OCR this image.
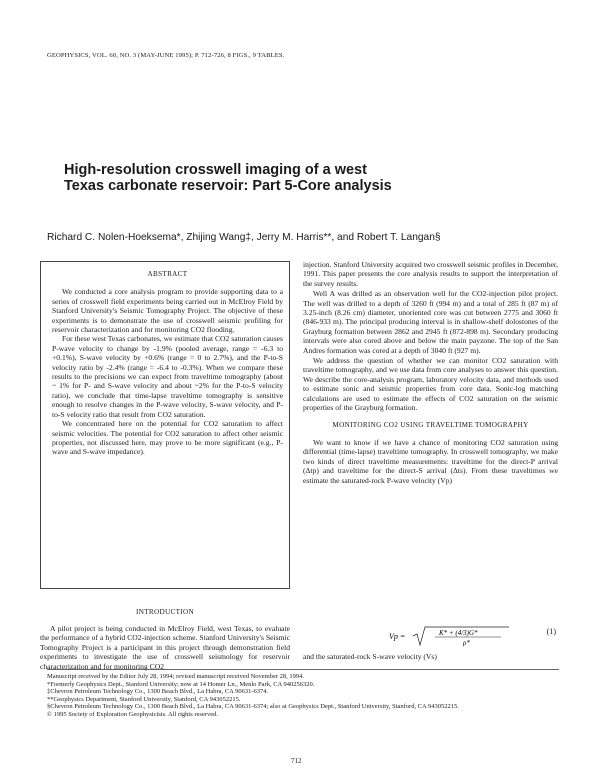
GEOPHYSICS, VOL. 60, NO. 3 (MAY-JUNE 1995); P. 712-726, 8 FIGS., 9 TABLES.
High-resolution crosswell imaging of a west
Texas carbonate reservoir: Part 5-Core analysis
Richard C. Nolen-Hoeksema*, Zhijing Wang‡, Jerry M. Harris**, and Robert T. Langan§
ABSTRACT

We conducted a core analysis program to provide supporting data to a series of crosswell field experiments being carried out in McElroy Field by Stanford University's Seismic Tomography Project. The objective of these experiments is to demonstrate the use of crosswell seismic profiling for reservoir characterization and for monitoring CO2 flooding.

For these west Texas carbonates, we estimate that CO2 saturation causes P-wave velocity to change by -1.9% (pooled average, range = -6.3 to +0.1%), S-wave velocity by +0.6% (range = 0 to 2.7%), and the P-to-S velocity ratio by -2.4% (range = -6.4 to -0.3%). When we compare these results to the precisions we can expect from traveltime tomography (about ~ 1% for P- and S-wave velocity and about ~2% for the P-to-S velocity ratio), we conclude that time-lapse traveltime tomography is sensitive enough to resolve changes in the P-wave velocity, S-wave velocity, and P-to-S velocity ratio that result from CO2 saturation.

We concentrated here on the potential for CO2 saturation to affect seismic velocities. The potential for CO2 saturation to affect other seismic properties, not discussed here, may prove to be more significant (e.g., P-wave and S-wave impedance).

INTRODUCTION

A pilot project is being conducted in McElroy Field, west Texas, to evaluate the performance of a hybrid CO2-injection scheme. Stanford University's Seismic Tomography Project is a participant in this project through demonstration field experiments to investigate the use of crosswell seismology for reservoir characterization and for monitoring CO2

injection. Stanford University acquired two crosswell seismic profiles in December, 1991. This paper presents the core analysis results to support the interpretation of the survey results.

Well A was drilled as an observation well for the CO2-injection pilot project. The well was drilled to a depth of 3260 ft (994 m) and a total of 285 ft (87 m) of 3.25-inch (8.26 cm) diameter, unoriented core was cut between 2775 and 3060 ft (846-933 m). The principal producing interval is in shallow-shelf dolostones of the Grayburg formation between 2862 and 2945 ft (872-898 m). Secondary producing intervals were also cored above and below the main payzone. The top of the San Andres formation was cored at a depth of 3040 ft (927 m).

We address the question of whether we can monitor CO2 saturation with traveltime tomography, and we use data from core analyses to answer this question. We describe the core-analysis program, laboratory velocity data, and methods used to estimate sonic and seismic properties from core data. Sonic-log matching calculations are used to estimate the effects of CO2 saturation on the seismic properties of the Grayburg formation.

MONITORING CO2 USING TRAVELTIME TOMOGRAPHY

We want to know if we have a chance of monitoring CO2 saturation using differential (time-lapse) traveltime tomography. In crosswell tomography, we make two kinds of direct traveltime measurements: traveltime for the direct-P arrival (Δtp) and traveltime for the direct-S arrival (Δts). From these traveltimes we estimate the saturated-rock P-wave velocity (Vp)

Vp =	K* + (4/3)G*
ρ*
(1)

and the saturated-rock S-wave velocity (Vs)

Manuscript received by the Editor July 28, 1994; revised manuscript received November 28, 1994.
*Formerly Geophysics Dept., Stanford University; now at 14 Homer Ln., Menlo Park, CA 940256320.
‡Chevron Petroleum Technology Co., 1300 Beach Blvd., La Habra, CA 90631-6374.
**Geophysics Department, Stanford University, Stanford, CA 943052215.
§Chevron Petroleum Technology Co., 1300 Beach Blvd., La Habra, CA 90631-6374; also at Geophysics Dept., Stanford University, Stanford, CA 943052215.
© 1995 Society of Exploration Geophysicists. All rights reserved.
712
